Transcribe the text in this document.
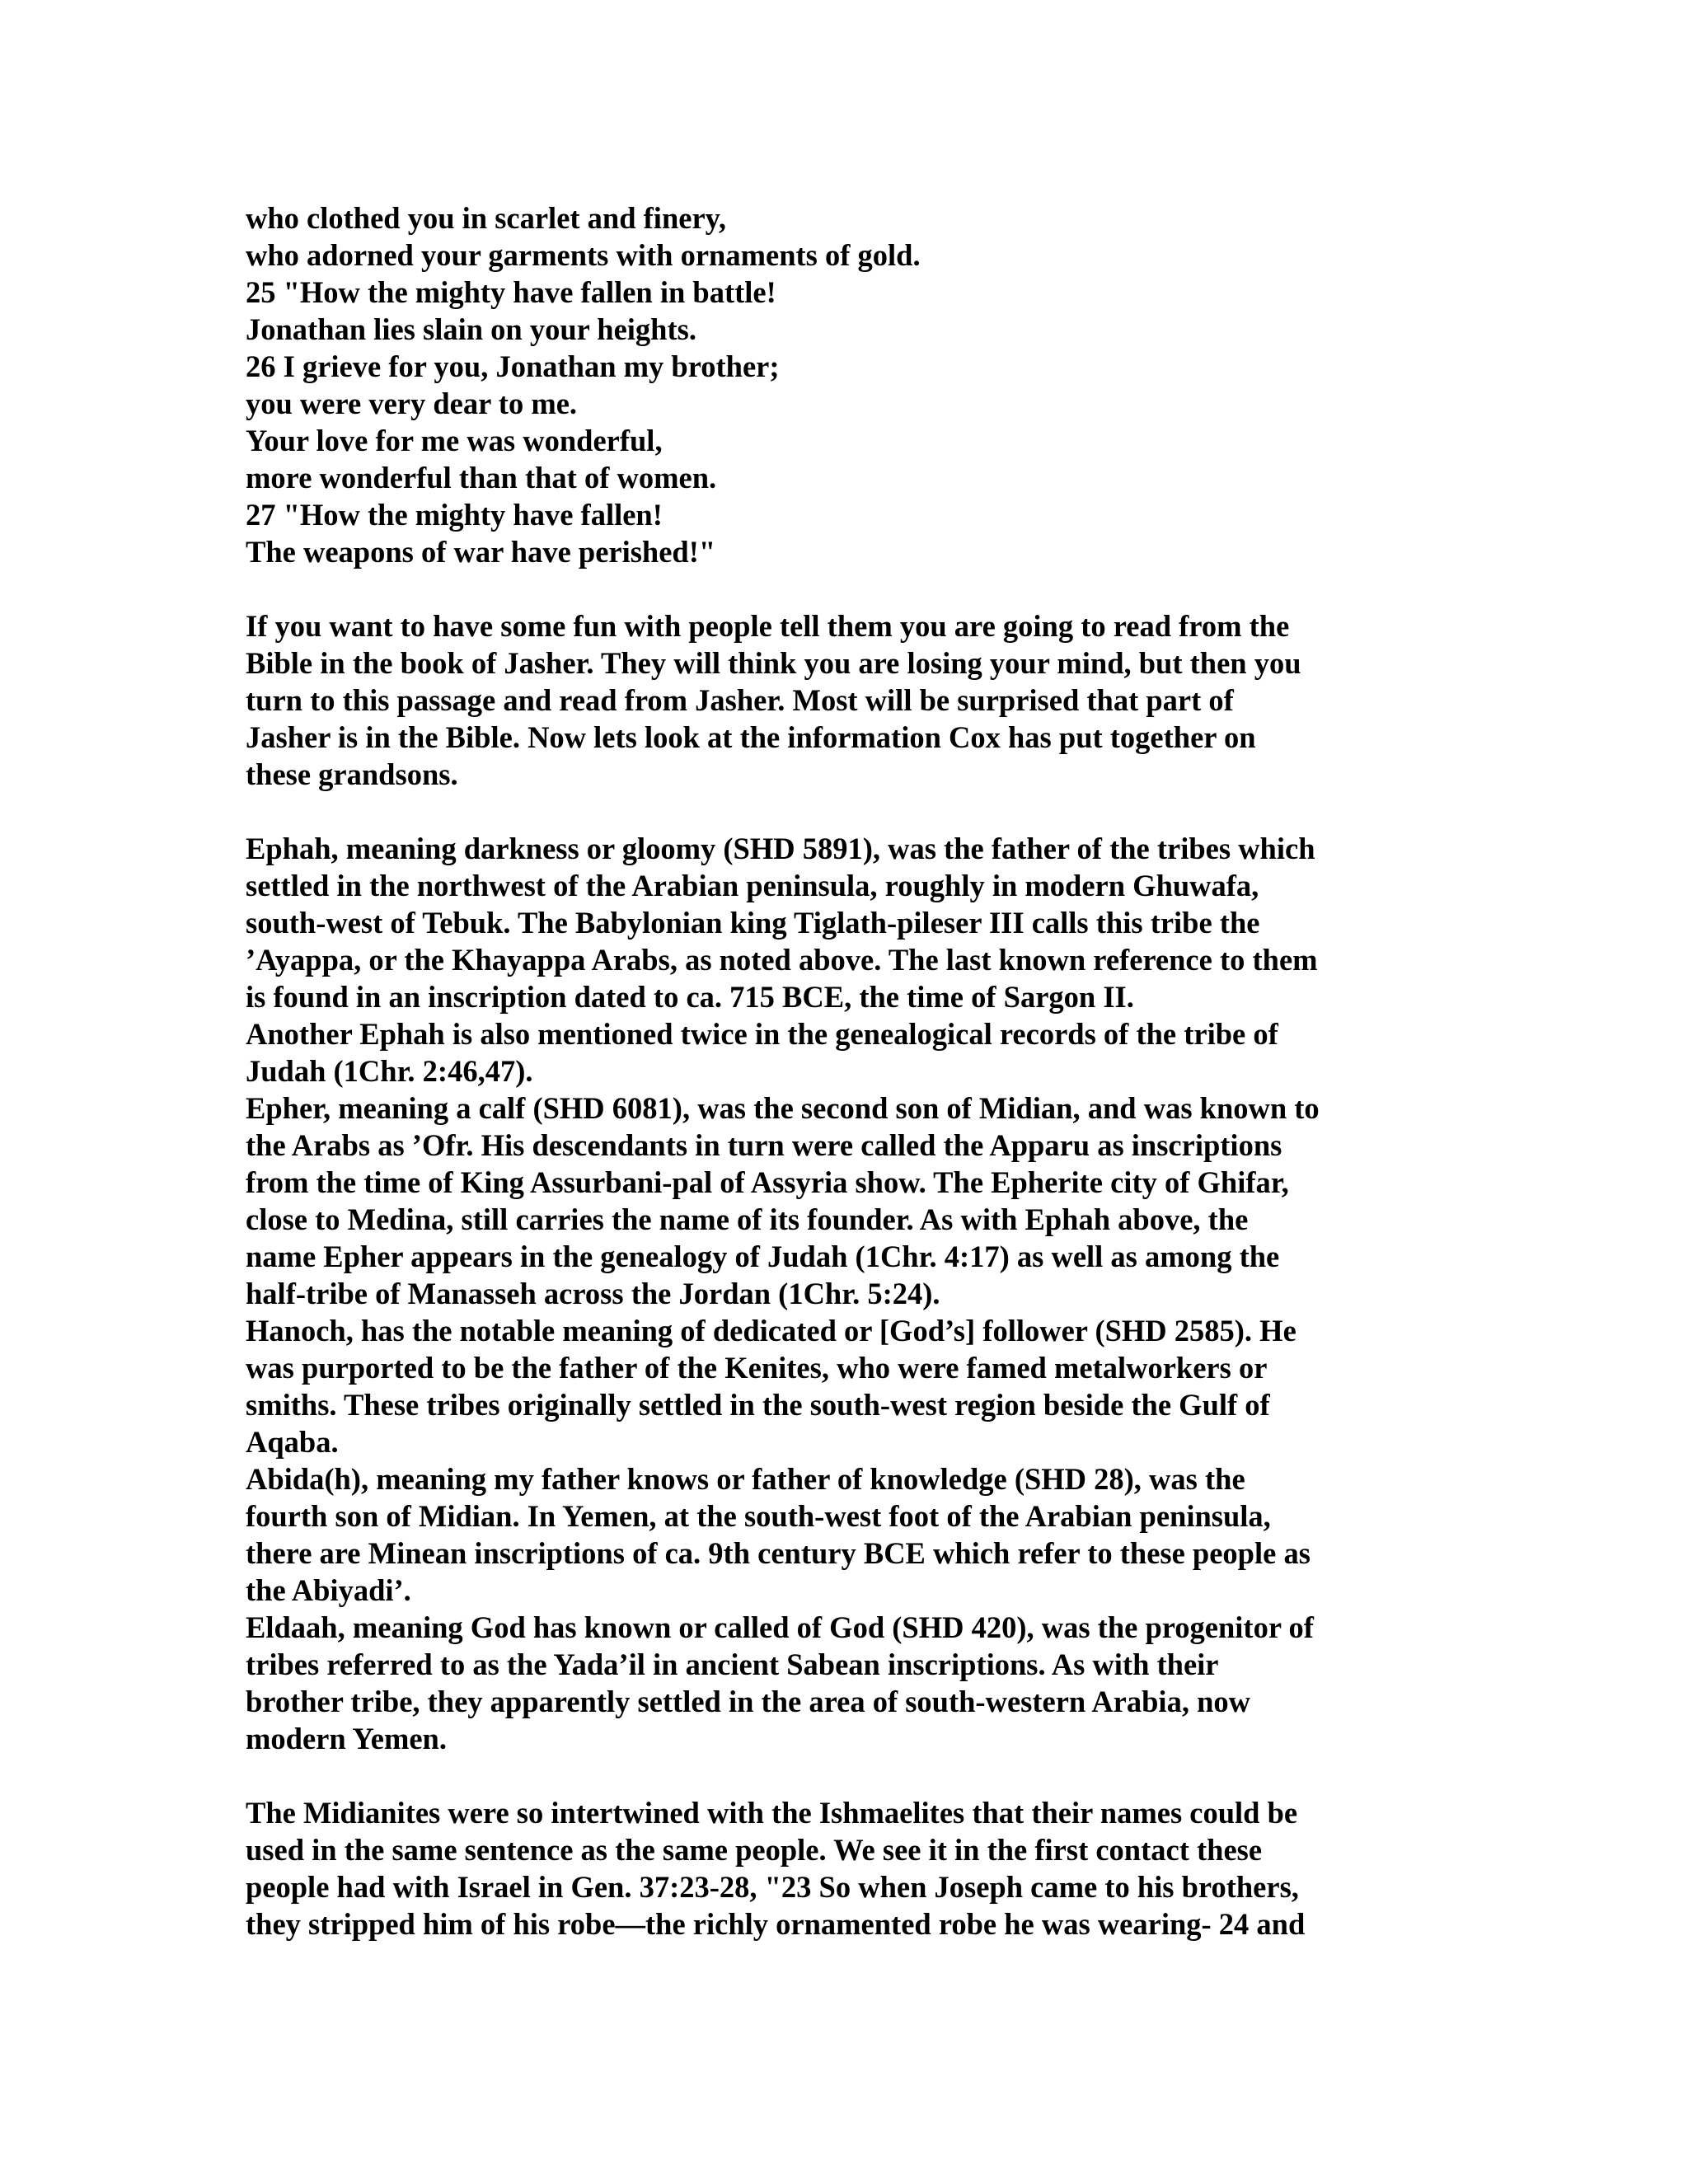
who clothed you in scarlet and finery,
who adorned your garments with ornaments of gold.
25 "How the mighty have fallen in battle!
Jonathan lies slain on your heights.
26 I grieve for you, Jonathan my brother;
you were very dear to me.
Your love for me was wonderful,
more wonderful than that of women.
27 "How the mighty have fallen!
The weapons of war have perished!"
If you want to have some fun with people tell them you are going to read from the
Bible in the book of Jasher. They will think you are losing your mind, but then you
turn to this passage and read from Jasher. Most will be surprised that part of
Jasher is in the Bible. Now lets look at the information Cox has put together on
these grandsons.
Ephah, meaning darkness or gloomy (SHD 5891), was the father of the tribes which
settled in the northwest of the Arabian peninsula, roughly in modern Ghuwafa,
south-west of Tebuk. The Babylonian king Tiglath-pileser III calls this tribe the
’Ayappa, or the Khayappa Arabs, as noted above. The last known reference to them
is found in an inscription dated to ca. 715 BCE, the time of Sargon II.
Another Ephah is also mentioned twice in the genealogical records of the tribe of
Judah (1Chr. 2:46,47).
Epher, meaning a calf (SHD 6081), was the second son of Midian, and was known to
the Arabs as ’Ofr. His descendants in turn were called the Apparu as inscriptions
from the time of King Assurbani-pal of Assyria show. The Epherite city of Ghifar,
close to Medina, still carries the name of its founder. As with Ephah above, the
name Epher appears in the genealogy of Judah (1Chr. 4:17) as well as among the
half-tribe of Manasseh across the Jordan (1Chr. 5:24).
Hanoch, has the notable meaning of dedicated or [God’s] follower (SHD 2585). He
was purported to be the father of the Kenites, who were famed metalworkers or
smiths. These tribes originally settled in the south-west region beside the Gulf of
Aqaba.
Abida(h), meaning my father knows or father of knowledge (SHD 28), was the
fourth son of Midian. In Yemen, at the south-west foot of the Arabian peninsula,
there are Minean inscriptions of ca. 9th century BCE which refer to these people as
the Abiyadi’.
Eldaah, meaning God has known or called of God (SHD 420), was the progenitor of
tribes referred to as the Yada’il in ancient Sabean inscriptions. As with their
brother tribe, they apparently settled in the area of south-western Arabia, now
modern Yemen.
The Midianites were so intertwined with the Ishmaelites that their names could be
used in the same sentence as the same people. We see it in the first contact these
people had with Israel in Gen. 37:23-28, "23 So when Joseph came to his brothers,
they stripped him of his robe—the richly ornamented robe he was wearing- 24 and
